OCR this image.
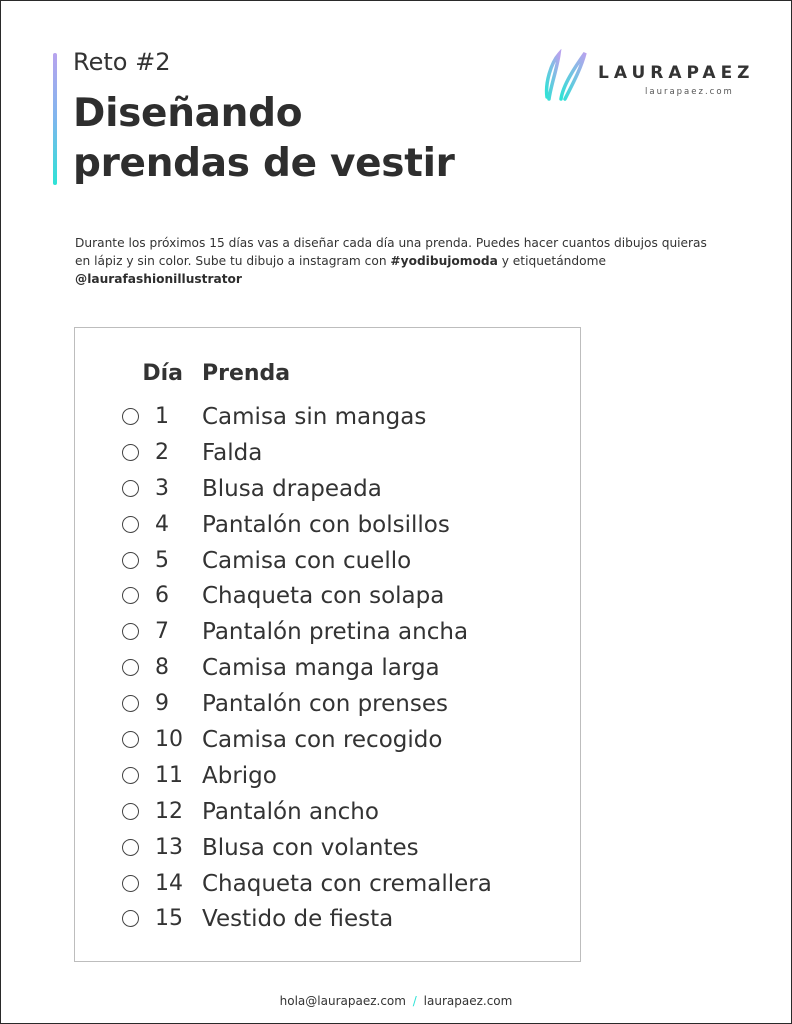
Reto #2
Diseñando
prendas de vestir
LAURAPAEZ
laurapaez.com

Durante los próximos 15 días vas a diseñar cada día una prenda. Puedes hacer cuantos dibujos quieras en lápiz y sin color. Sube tu dibujo a instagram con #yodibujomoda y etiquetándome
@laurafashionillustrator

Día Prenda
1 Camisa sin mangas
2 Falda
3 Blusa drapeada
4 Pantalón con bolsillos
5 Camisa con cuello
6 Chaqueta con solapa
7 Pantalón pretina ancha
8 Camisa manga larga
9 Pantalón con prenses
10 Camisa con recogido
11 Abrigo
12 Pantalón ancho
13 Blusa con volantes
14 Chaqueta con cremallera
15 Vestido de fiesta
hola@laurapaez.com / laurapaez.com
